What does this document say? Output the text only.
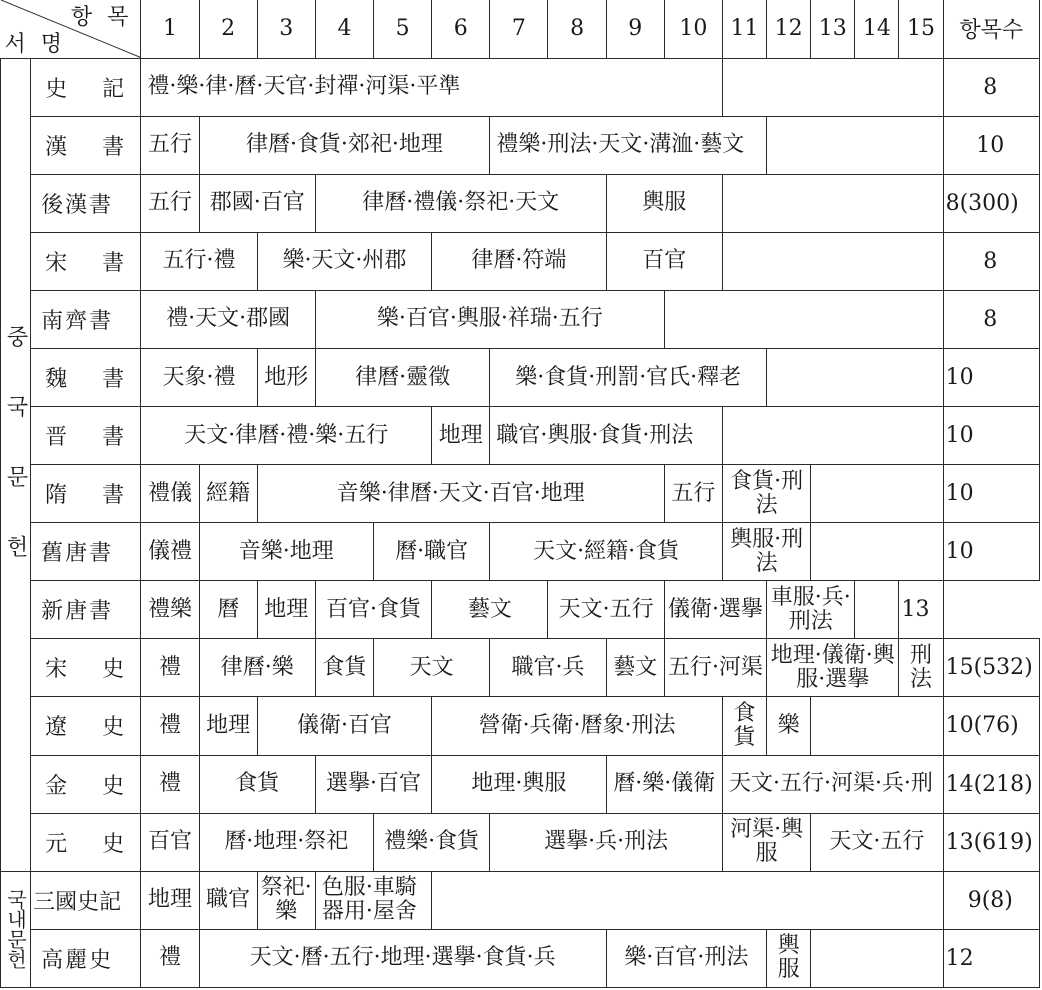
항 목
서 명		1	2	3	4	5	6	7	8	9	10	11	12	13	14	15	항목수
중국문헌	史 記	禮·樂·律·曆·天官·封禪·河渠·平準															8
	漢 書	五行	律曆·食貨·郊祀·地理					禮樂·刑法·天文·溝洫·藝文									10
	後漢書	五行	郡國·百官		律曆·禮儀·祭祀·天文					輿服							8(300)
	宋 書	五行·禮		樂·天文·州郡			律曆·符端			百官							8
	南齊書	禮·天文·郡國			樂·百官·輿服·祥瑞·五行												8
	魏 書	天象·禮		地形	律曆·靈徵			樂·食貨·刑罰·官氏·釋老									10
	晋 書	天文·律曆·禮·樂·五行					地理	職官·輿服·食貨·刑法									10
	隋 書	禮儀	經籍	音樂·律曆·天文·百官·地理							五行	食貨·刑法					10
	舊唐書	儀禮	音樂·地理			曆·職官		天文·經籍·食貨				輿服·刑法					10
	新唐書	禮樂	曆	地理	百官·食貨		藝文		天文·五行		儀衛·選擧		車服·兵·刑法			13	
	宋 史	禮	律曆·樂		食貨	天文		職官·兵		藝文	五行·河渠		地理·儀衛·輿服·選擧			刑法	15(532)
	遼 史	禮	地理	儀衛·百官			營衛·兵衛·曆象·刑法					食貨	樂				10(76)
	金 史	禮	食貨		選擧·百官		地理·輿服			曆·樂·儀衛		天文·五行·河渠·兵·刑					14(218)
	元 史	百官	曆·地理·祭祀			禮樂·食貨		選擧·兵·刑法				河渠·輿服		天文·五行			13(619)
국내문헌	三國史記	地理	職官	祭祀·樂	色服·車騎器用·屋舍												9(8)
	高麗史	禮	天文·曆·五行·地理·選擧·食貨·兵							樂·百官·刑法			輿服				12
